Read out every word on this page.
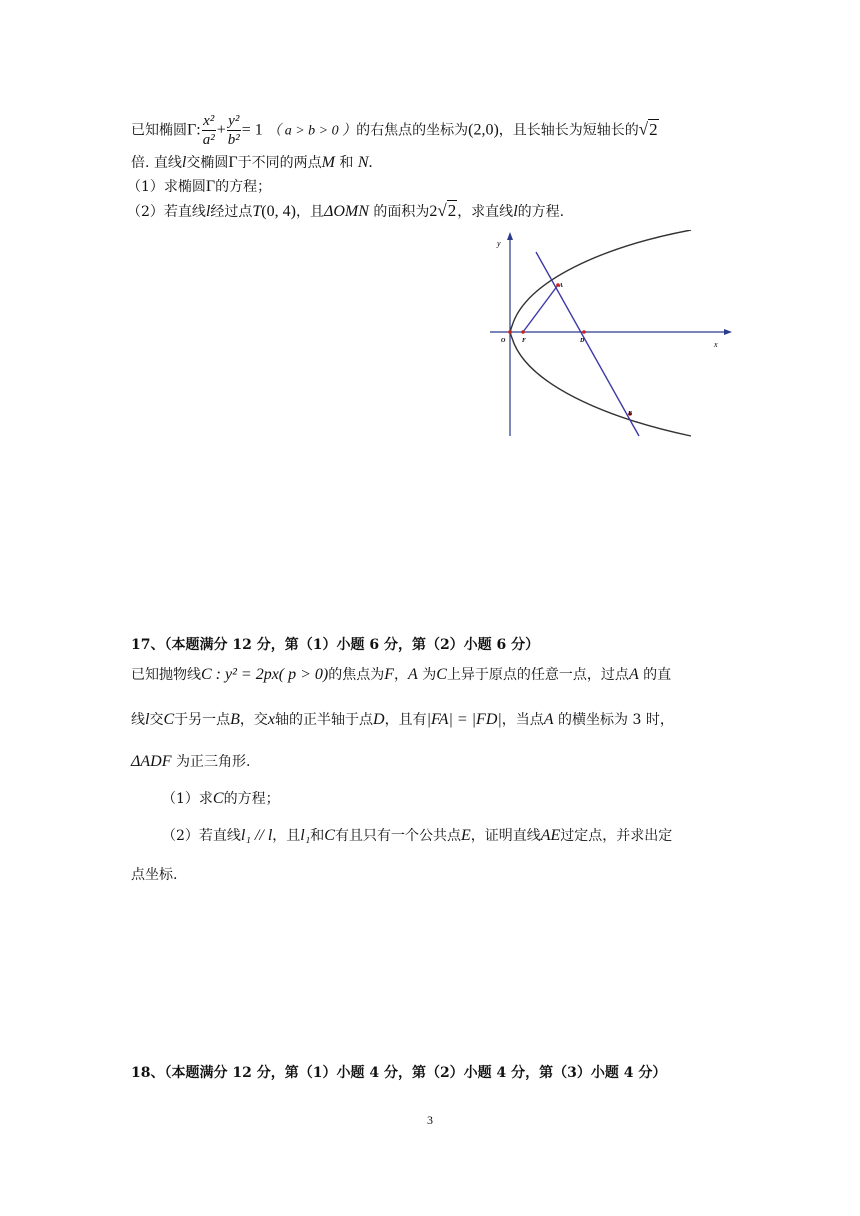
已知椭圆Γ: $\frac{\text{x²}}{\text{a²}} + \frac{\text{y²}}{\text{b²}} = 1$ （ a > b > 0 ）的右焦点的坐标为(2,0)，且长轴长为短轴长的√2
倍. 直线l交椭圆Γ于不同的两点M 和 N.
（1）求椭圆Γ的方程；
（2）若直线l经过点T(0, 4)，且ΔOMN 的面积为2√2，求直线l的方程.
y
x
O	F	D
A
B
17、（本题满分 12 分，第（1）小题 6 分，第（2）小题 6 分）
已知抛物线C : y² = 2px( p > 0)的焦点为F，A 为C上异于原点的任意一点，过点A 的直
线l交C于另一点B，交x轴的正半轴于点D，且有|FA| = |FD|，当点A 的横坐标为 3 时，
ΔADF 为正三角形.
（1）求C的方程；
（2）若直线l₁ // l，且l₁和C有且只有一个公共点E，证明直线AE过定点，并求出定
点坐标.
18、（本题满分 12 分，第（1）小题 4 分，第（2）小题 4 分，第（3）小题 4 分）
3
